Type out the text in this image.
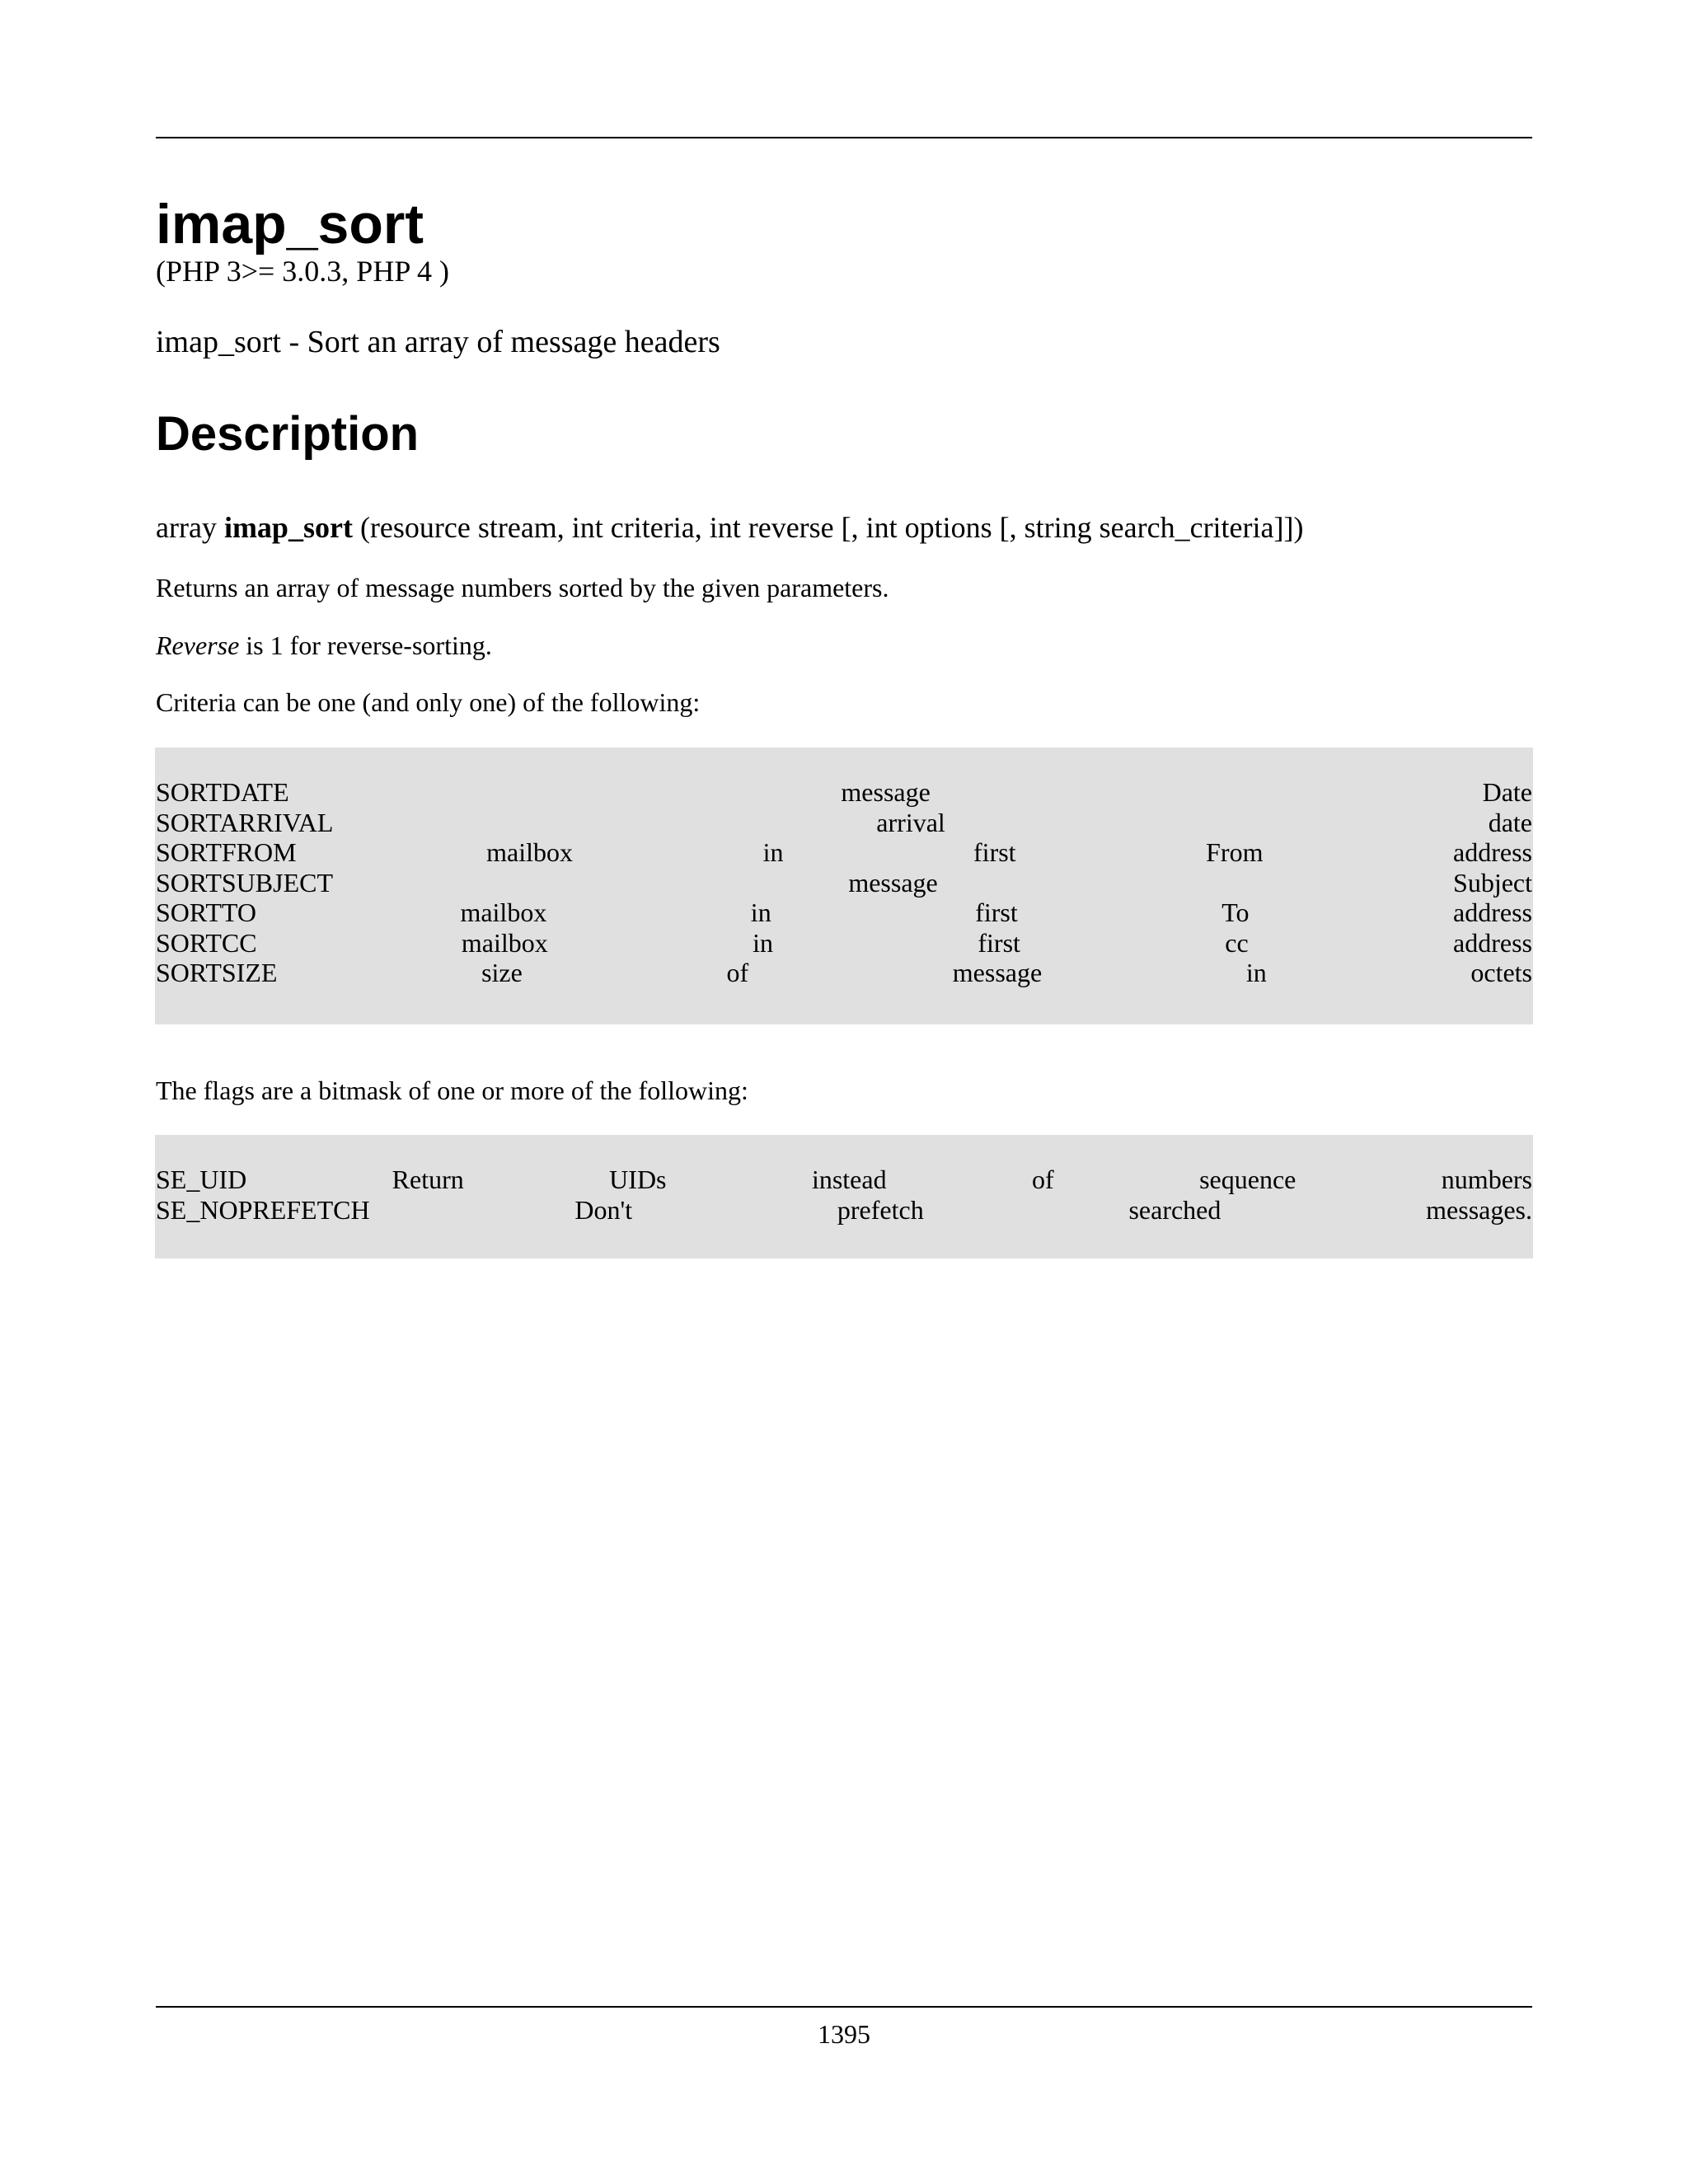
imap_sort
(PHP 3>= 3.0.3, PHP 4 )
imap_sort - Sort an array of message headers
Description
array imap_sort (resource stream, int criteria, int reverse [, int options [, string search_criteria]])
Returns an array of message numbers sorted by the given parameters.
Reverse is 1 for reverse-sorting.
Criteria can be one (and only one) of the following:
SORTDATE	message	Date
SORTARRIVAL	arrival	date
SORTFROM	mailbox	in	first	From	address
SORTSUBJECT	message	Subject
SORTTO	mailbox	in	first	To	address
SORTCC	mailbox	in	first	cc	address
SORTSIZE	size	of	message	in	octets
The flags are a bitmask of one or more of the following:
SE_UID	Return	UIDs	instead	of	sequence	numbers
SE_NOPREFETCH	Don't	prefetch	searched	messages.
1395
